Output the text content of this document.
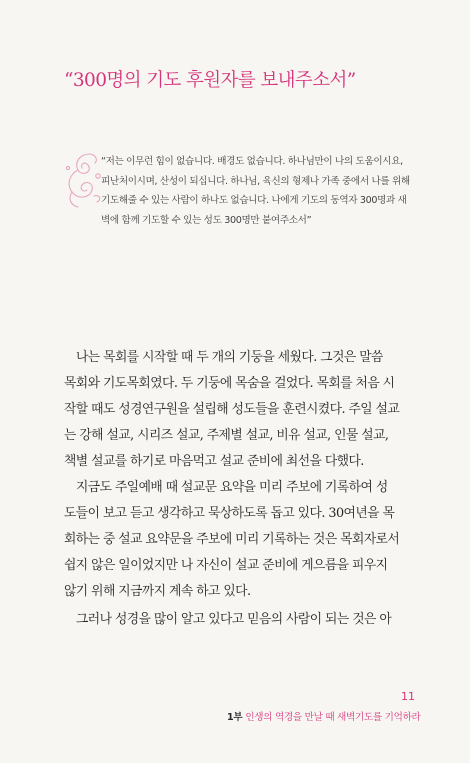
“300명의 기도 후원자를 보내주소서”
“저는 이무런 힘이 없습니다. 배경도 없습니다. 하나님만이 나의 도움이시요,
피난처이시며, 산성이 되십니다. 하나님, 육신의 형제나 가족 중에서 나를 위해
기도해줄 수 있는 사람이 하나도 없습니다. 나에게 기도의 동역자 300명과 새
벽에 함께 기도할 수 있는 성도 300명만 붙여주소서”
나는 목회를 시작할 때 두 개의 기둥을 세웠다. 그것은 말씀
목회와 기도목회였다. 두 기둥에 목숨을 걸었다. 목회를 처음 시
작할 때도 성경연구원을 설립해 성도들을 훈련시켰다. 주일 설교
는 강해 설교, 시리즈 설교, 주제별 설교, 비유 설교, 인물 설교,
책별 설교를 하기로 마음먹고 설교 준비에 최선을 다했다.
지금도 주일예배 때 설교문 요약을 미리 주보에 기록하여 성
도들이 보고 듣고 생각하고 묵상하도록 돕고 있다. 30여년을 목
회하는 중 설교 요약문을 주보에 미리 기록하는 것은 목회자로서
쉽지 않은 일이었지만 나 자신이 설교 준비에 게으름을 피우지
않기 위해 지금까지 계속 하고 있다.
그러나 성경을 많이 알고 있다고 믿음의 사람이 되는 것은 아
11
1부 인생의 역경을 만날 때 새벽기도를 기억하라
